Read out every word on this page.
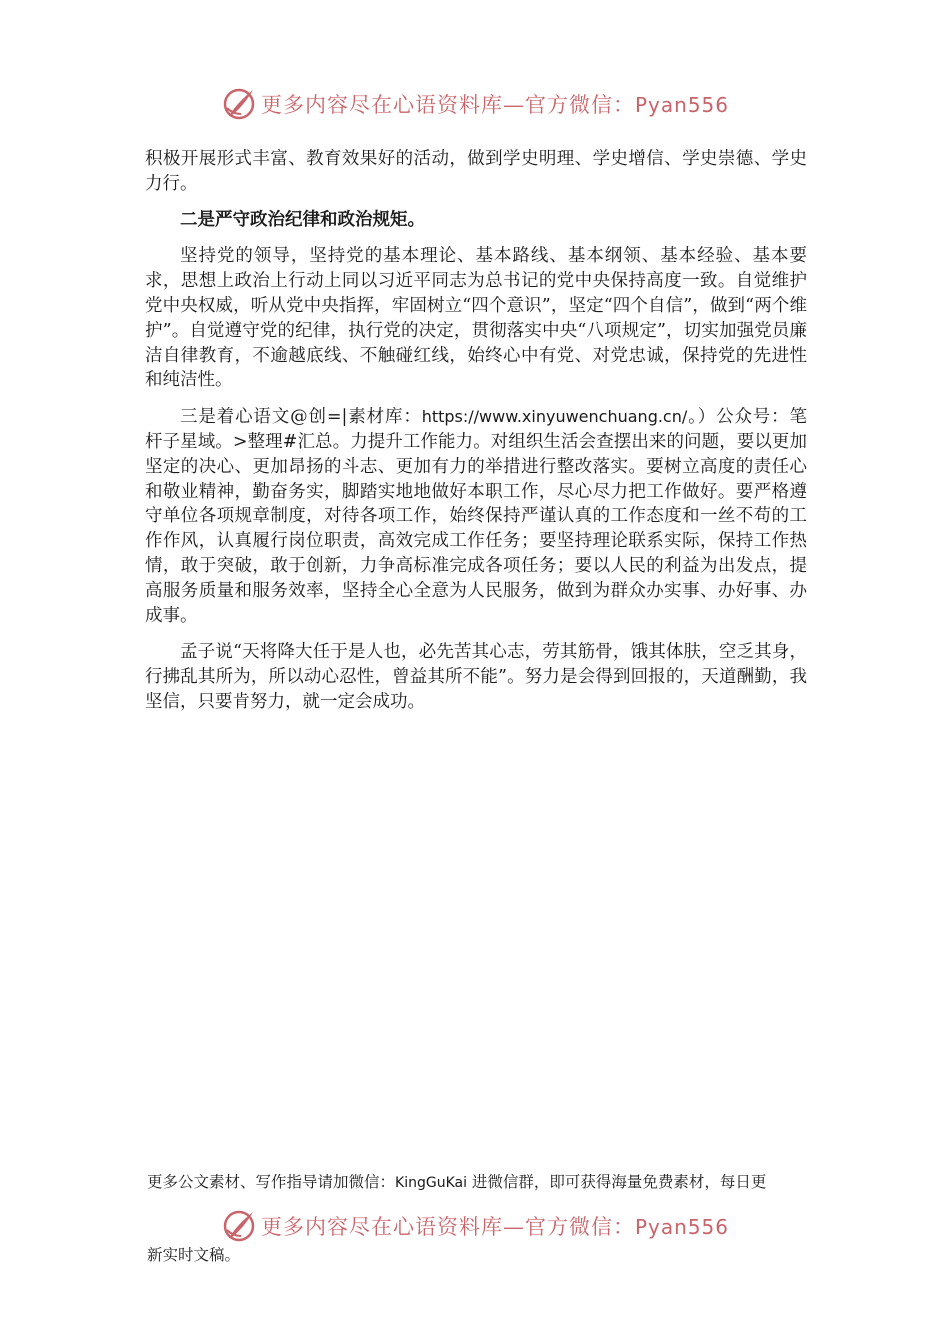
更多内容尽在心语资料库—官方微信：Pyan556

积极开展形式丰富、教育效果好的活动，做到学史明理、学史增信、学史崇德、学史力行。

二是严守政治纪律和政治规矩。

坚持党的领导，坚持党的基本理论、基本路线、基本纲领、基本经验、基本要求，思想上政治上行动上同以习近平同志为总书记的党中央保持高度一致。自觉维护党中央权威，听从党中央指挥，牢固树立“四个意识”，坚定“四个自信”，做到“两个维护”。自觉遵守党的纪律，执行党的决定，贯彻落实中央“八项规定”，切实加强党员廉洁自律教育，不逾越底线、不触碰红线，始终心中有党、对党忠诚，保持党的先进性和纯洁性。

三是着心语文@创=|素材库：https://www.xinyuwenchuang.cn/。）公众号：笔杆子星域。>整理#汇总。力提升工作能力。对组织生活会查摆出来的问题，要以更加坚定的决心、更加昂扬的斗志、更加有力的举措进行整改落实。要树立高度的责任心和敬业精神，勤奋务实，脚踏实地地做好本职工作，尽心尽力把工作做好。要严格遵守单位各项规章制度，对待各项工作，始终保持严谨认真的工作态度和一丝不苟的工作作风，认真履行岗位职责，高效完成工作任务；要坚持理论联系实际，保持工作热情，敢于突破，敢于创新，力争高标准完成各项任务；要以人民的利益为出发点，提高服务质量和服务效率，坚持全心全意为人民服务，做到为群众办实事、办好事、办成事。

孟子说“天将降大任于是人也，必先苦其心志，劳其筋骨，饿其体肤，空乏其身，行拂乱其所为，所以动心忍性，曾益其所不能”。努力是会得到回报的，天道酬勤，我坚信，只要肯努力，就一定会成功。

更多公文素材、写作指导请加微信：KingGuKai 进微信群，即可获得海量免费素材，每日更
更多内容尽在心语资料库—官方微信：Pyan556
新实时文稿。
